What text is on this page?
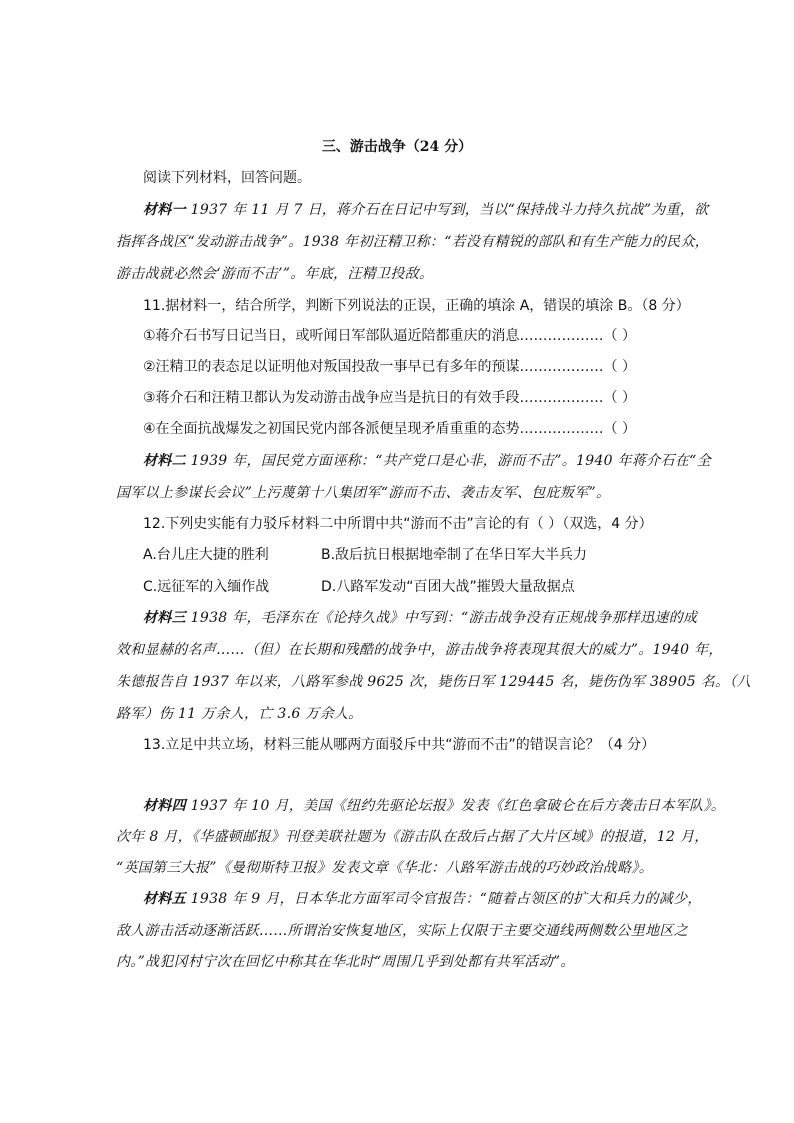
三、游击战争（24 分）
阅读下列材料，回答问题。
材料一 1937 年 11 月 7 日，蒋介石在日记中写到，当以“保持战斗力持久抗战”为重，欲
指挥各战区“发动游击战争”。1938 年初汪精卫称：“若没有精锐的部队和有生产能力的民众，
游击战就必然会‘游而不击’”。年底，汪精卫投敌。
11.据材料一，结合所学，判断下列说法的正误，正确的填涂 A，错误的填涂 B。（8 分）
①蒋介石书写日记当日，或听闻日军部队逼近陪都重庆的消息………………（ ）
②汪精卫的表态足以证明他对叛国投敌一事早已有多年的预谋………………（ ）
③蒋介石和汪精卫都认为发动游击战争应当是抗日的有效手段………………（ ）
④在全面抗战爆发之初国民党内部各派便呈现矛盾重重的态势………………（ ）
材料二 1939 年，国民党方面诬称：“共产党口是心非，游而不击”。1940 年蒋介石在“全
国军以上参谋长会议”上污蔑第十八集团军“游而不击、袭击友军、包庇叛军”。
12.下列史实能有力驳斥材料二中所谓中共“游而不击”言论的有（ ）（双选，4 分）
A.台儿庄大捷的胜利	B.敌后抗日根据地牵制了在华日军大半兵力
C.远征军的入缅作战	D.八路军发动“百团大战”摧毁大量敌据点
材料三 1938 年，毛泽东在《论持久战》中写到：“游击战争没有正规战争那样迅速的成
效和显赫的名声……（但）在长期和残酷的战争中，游击战争将表现其很大的威力”。1940 年，
朱德报告自 1937 年以来，八路军参战 9625 次，毙伤日军 129445 名，毙伤伪军 38905 名。（八
路军）伤 11 万余人，亡 3.6 万余人。
13.立足中共立场，材料三能从哪两方面驳斥中共“游而不击”的错误言论？（4 分）
材料四 1937 年 10 月，美国《纽约先驱论坛报》发表《红色拿破仑在后方袭击日本军队》。
次年 8 月，《华盛顿邮报》刊登美联社题为《游击队在敌后占据了大片区域》的报道，12 月，
“英国第三大报”《曼彻斯特卫报》发表文章《华北：八路军游击战的巧妙政治战略》。
材料五 1938 年 9 月，日本华北方面军司令官报告：“随着占领区的扩大和兵力的减少，
敌人游击活动逐渐活跃……所谓治安恢复地区，实际上仅限于主要交通线两侧数公里地区之
内。”战犯冈村宁次在回忆中称其在华北时“周围几乎到处都有共军活动”。
